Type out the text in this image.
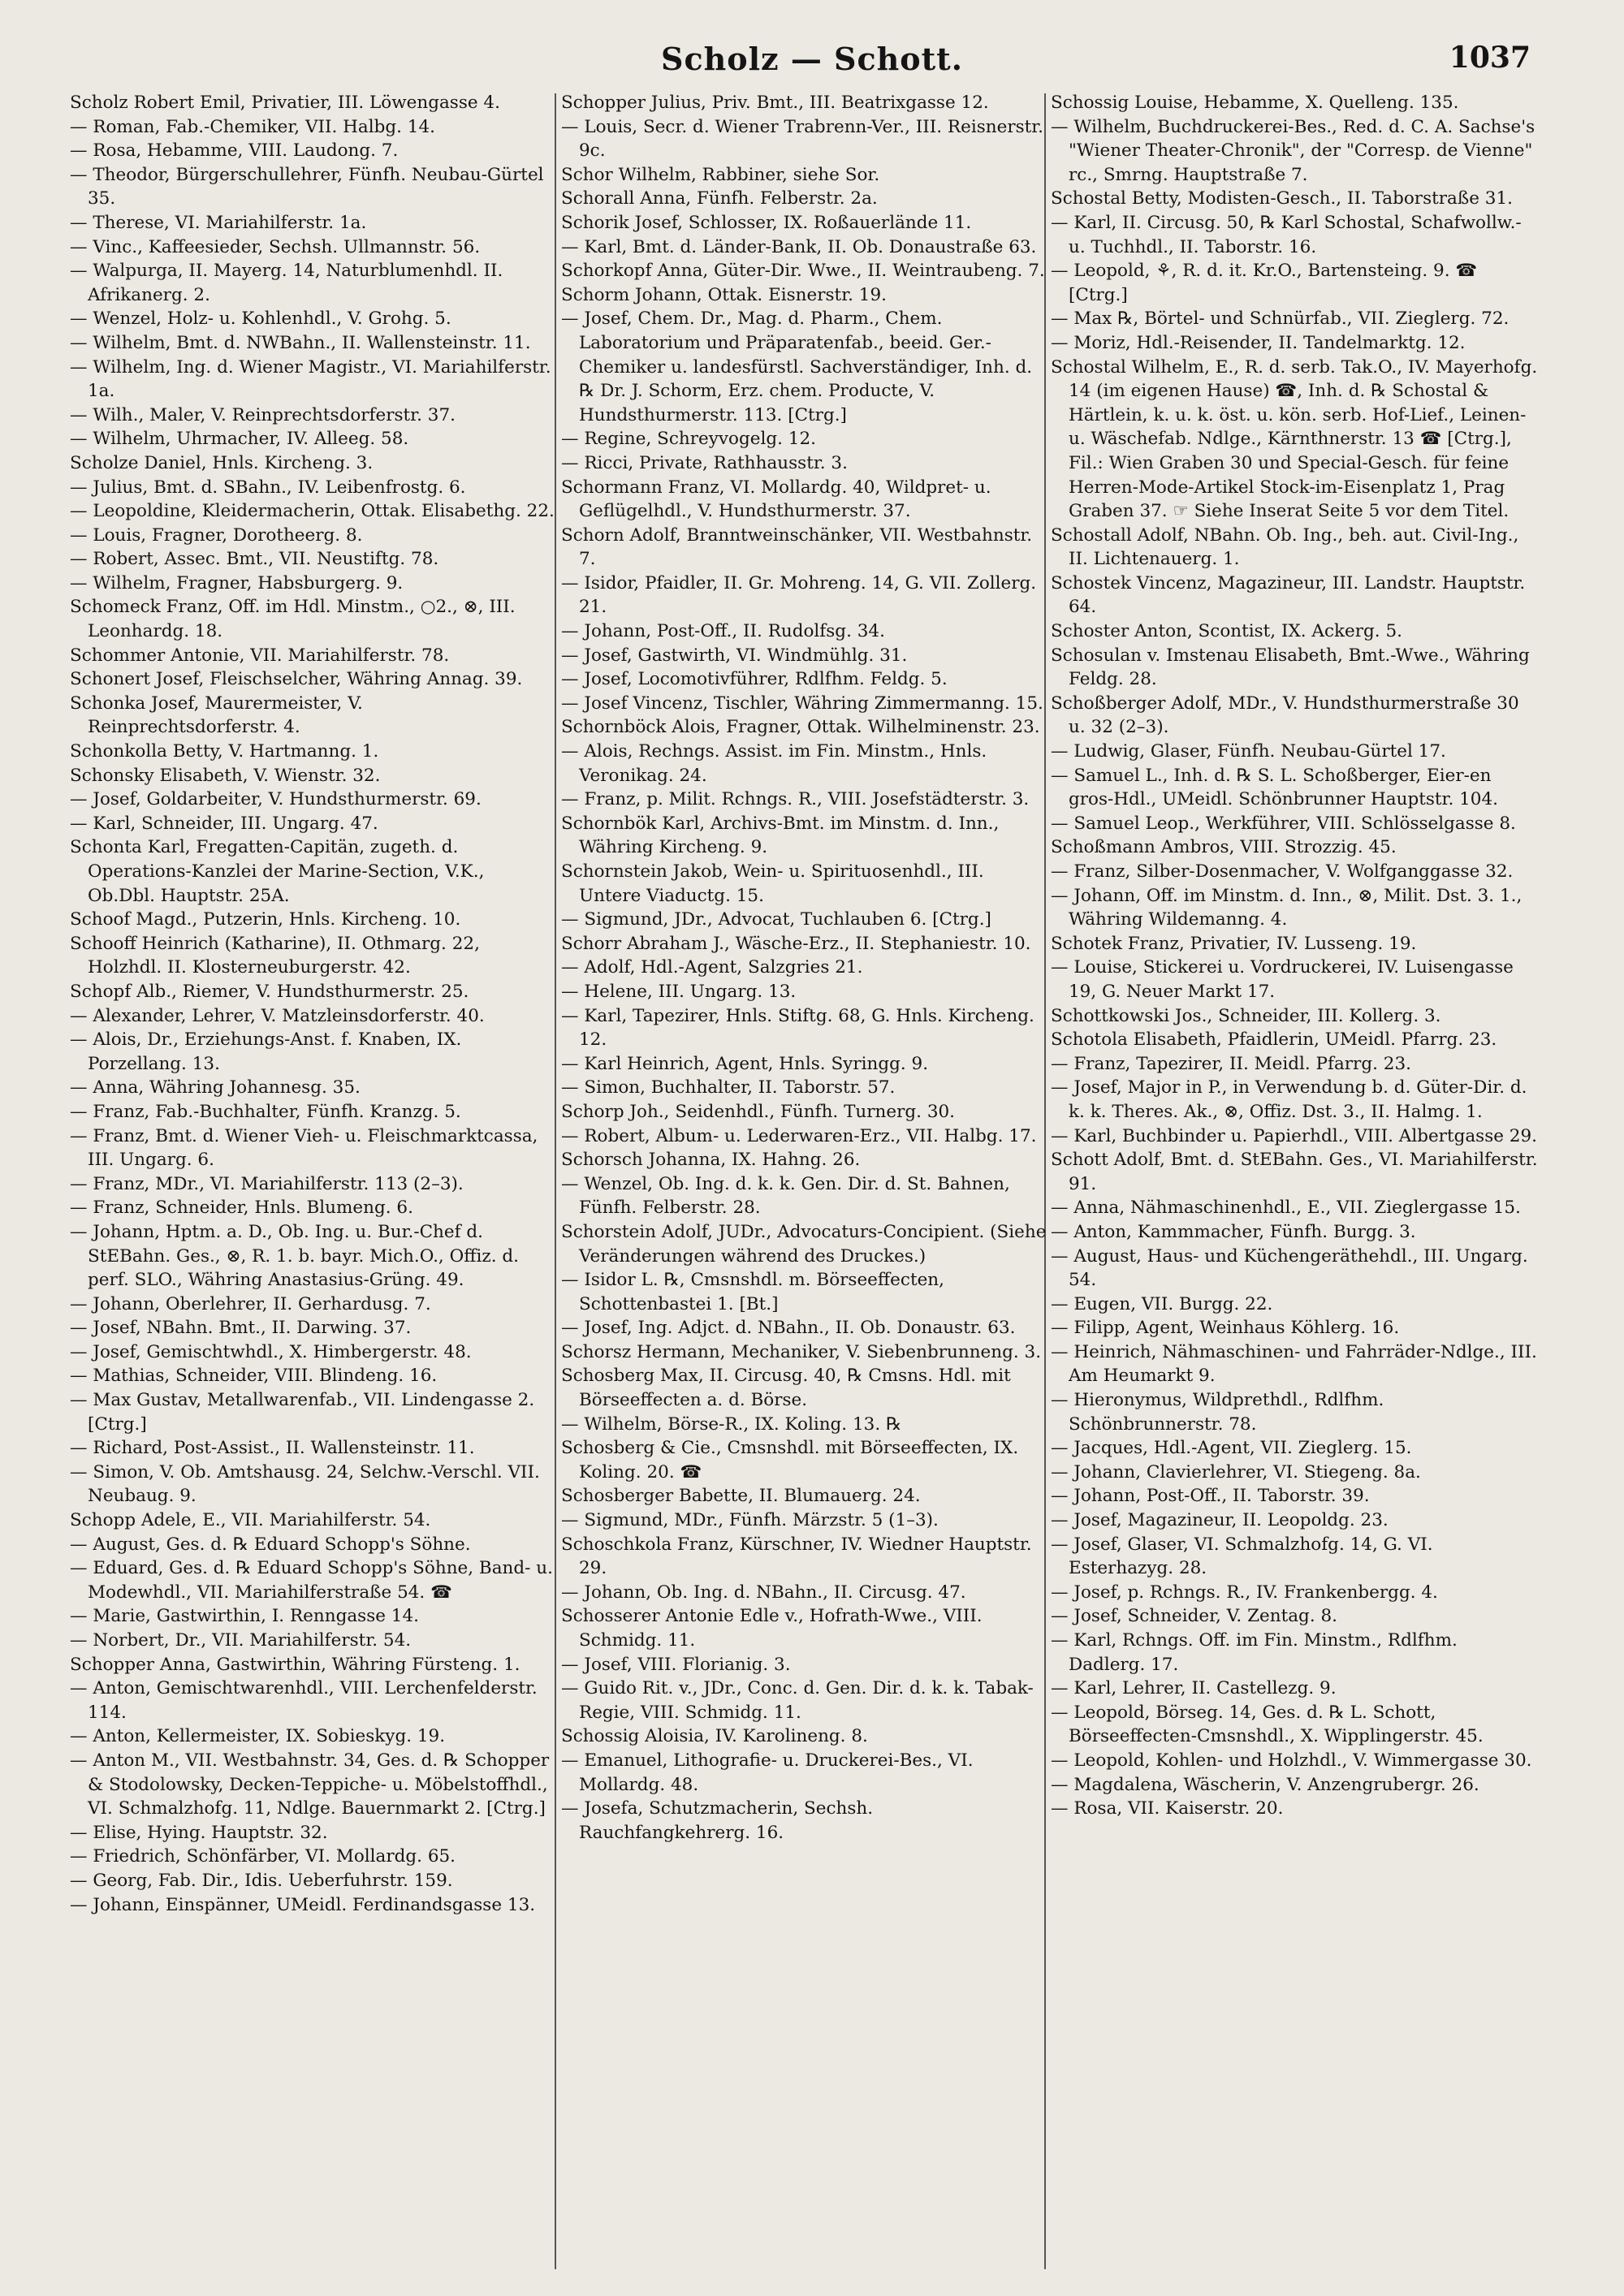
Scholz — Schott.	1037
Scholz Robert Emil, Privatier, III. Löwengasse 4.
— Roman, Fab.-Chemiker, VII. Halbg. 14.
— Rosa, Hebamme, VIII. Laudong. 7.
— Theodor, Bürgerschullehrer, Fünfh. Neubau-Gürtel 35.
— Therese, VI. Mariahilferstr. 1a.
— Vinc., Kaffeesieder, Sechsh. Ullmannstr. 56.
— Walpurga, II. Mayerg. 14, Naturblumenhdl. II. Afrikanerg. 2.
— Wenzel, Holz- u. Kohlenhdl., V. Grohg. 5.
— Wilhelm, Bmt. d. NWBahn., II. Wallensteinstr. 11.
— Wilhelm, Ing. d. Wiener Magistr., VI. Mariahilferstr. 1a.
— Wilh., Maler, V. Reinprechtsdorferstr. 37.
— Wilhelm, Uhrmacher, IV. Alleeg. 58.
Scholze Daniel, Hnls. Kircheng. 3.
— Julius, Bmt. d. SBahn., IV. Leibenfrostg. 6.
— Leopoldine, Kleidermacherin, Ottak. Elisabethg. 22.
— Louis, Fragner, Dorotheerg. 8.
— Robert, Assec. Bmt., VII. Neustiftg. 78.
— Wilhelm, Fragner, Habsburgerg. 9.
Schomeck Franz, Off. im Hdl. Minstm., ○2., ⊗, III. Leonhardg. 18.
Schommer Antonie, VII. Mariahilferstr. 78.
Schonert Josef, Fleischselcher, Währing Annag. 39.
Schonka Josef, Maurermeister, V. Reinprechtsdorferstr. 4.
Schonkolla Betty, V. Hartmanng. 1.
Schonsky Elisabeth, V. Wienstr. 32.
— Josef, Goldarbeiter, V. Hundsthurmerstr. 69.
— Karl, Schneider, III. Ungarg. 47.
Schonta Karl, Fregatten-Capitän, zugeth. d. Operations-Kanzlei der Marine-Section, V.K., Ob.Dbl. Hauptstr. 25A.
Schoof Magd., Putzerin, Hnls. Kircheng. 10.
Schooff Heinrich (Katharine), II. Othmarg. 22, Holzhdl. II. Klosterneuburgerstr. 42.
Schopf Alb., Riemer, V. Hundsthurmerstr. 25.
— Alexander, Lehrer, V. Matzleinsdorferstr. 40.
— Alois, Dr., Erziehungs-Anst. f. Knaben, IX. Porzellang. 13.
— Anna, Währing Johannesg. 35.
— Franz, Fab.-Buchhalter, Fünfh. Kranzg. 5.
— Franz, Bmt. d. Wiener Vieh- u. Fleischmarktcassa, III. Ungarg. 6.
— Franz, MDr., VI. Mariahilferstr. 113 (2–3).
— Franz, Schneider, Hnls. Blumeng. 6.
— Johann, Hptm. a. D., Ob. Ing. u. Bur.-Chef d. StEBahn. Ges., ⊗, R. 1. b. bayr. Mich.O., Offiz. d. perf. SLO., Währing Anastasius-Grüng. 49.
— Johann, Oberlehrer, II. Gerhardusg. 7.
— Josef, NBahn. Bmt., II. Darwing. 37.
— Josef, Gemischtwhdl., X. Himbergerstr. 48.
— Mathias, Schneider, VIII. Blindeng. 16.
— Max Gustav, Metallwarenfab., VII. Lindengasse 2. [Ctrg.]
— Richard, Post-Assist., II. Wallensteinstr. 11.
— Simon, V. Ob. Amtshausg. 24, Selchw.-Verschl. VII. Neubaug. 9.
Schopp Adele, E., VII. Mariahilferstr. 54.
— August, Ges. d. ℞ Eduard Schopp's Söhne.
— Eduard, Ges. d. ℞ Eduard Schopp's Söhne, Band- u. Modewhdl., VII. Mariahilferstraße 54. ☎
— Marie, Gastwirthin, I. Renngasse 14.
— Norbert, Dr., VII. Mariahilferstr. 54.
Schopper Anna, Gastwirthin, Währing Fürsteng. 1.
— Anton, Gemischtwarenhdl., VIII. Lerchenfelderstr. 114.
— Anton, Kellermeister, IX. Sobieskyg. 19.
— Anton M., VII. Westbahnstr. 34, Ges. d. ℞ Schopper & Stodolowsky, Decken-Teppiche- u. Möbelstoffhdl., VI. Schmalzhofg. 11, Ndlge. Bauernmarkt 2. [Ctrg.]
— Elise, Hying. Hauptstr. 32.
— Friedrich, Schönfärber, VI. Mollardg. 65.
— Georg, Fab. Dir., Idis. Ueberfuhrstr. 159.
— Johann, Einspänner, UMeidl. Ferdinandsgasse 13.
Schopper Julius, Priv. Bmt., III. Beatrixgasse 12.
— Louis, Secr. d. Wiener Trabrenn-Ver., III. Reisnerstr. 9c.
Schor Wilhelm, Rabbiner, siehe Sor.
Schorall Anna, Fünfh. Felberstr. 2a.
Schorik Josef, Schlosser, IX. Roßauerlände 11.
— Karl, Bmt. d. Länder-Bank, II. Ob. Donaustraße 63.
Schorkopf Anna, Güter-Dir. Wwe., II. Weintraubeng. 7.
Schorm Johann, Ottak. Eisnerstr. 19.
— Josef, Chem. Dr., Mag. d. Pharm., Chem. Laboratorium und Präparatenfab., beeid. Ger.-Chemiker u. landesfürstl. Sachverständiger, Inh. d. ℞ Dr. J. Schorm, Erz. chem. Producte, V. Hundsthurmerstr. 113. [Ctrg.]
— Regine, Schreyvogelg. 12.
— Ricci, Private, Rathhausstr. 3.
Schormann Franz, VI. Mollardg. 40, Wildpret- u. Geflügelhdl., V. Hundsthurmerstr. 37.
Schorn Adolf, Branntweinschänker, VII. Westbahnstr. 7.
— Isidor, Pfaidler, II. Gr. Mohreng. 14, G. VII. Zollerg. 21.
— Johann, Post-Off., II. Rudolfsg. 34.
— Josef, Gastwirth, VI. Windmühlg. 31.
— Josef, Locomotivführer, Rdlfhm. Feldg. 5.
— Josef Vincenz, Tischler, Währing Zimmermanng. 15.
Schornböck Alois, Fragner, Ottak. Wilhelminenstr. 23.
— Alois, Rechngs. Assist. im Fin. Minstm., Hnls. Veronikag. 24.
— Franz, p. Milit. Rchngs. R., VIII. Josefstädterstr. 3.
Schornbök Karl, Archivs-Bmt. im Minstm. d. Inn., Währing Kircheng. 9.
Schornstein Jakob, Wein- u. Spirituosenhdl., III. Untere Viaductg. 15.
— Sigmund, JDr., Advocat, Tuchlauben 6. [Ctrg.]
Schorr Abraham J., Wäsche-Erz., II. Stephaniestr. 10.
— Adolf, Hdl.-Agent, Salzgries 21.
— Helene, III. Ungarg. 13.
— Karl, Tapezirer, Hnls. Stiftg. 68, G. Hnls. Kircheng. 12.
— Karl Heinrich, Agent, Hnls. Syringg. 9.
— Simon, Buchhalter, II. Taborstr. 57.
Schorp Joh., Seidenhdl., Fünfh. Turnerg. 30.
— Robert, Album- u. Lederwaren-Erz., VII. Halbg. 17.
Schorsch Johanna, IX. Hahng. 26.
— Wenzel, Ob. Ing. d. k. k. Gen. Dir. d. St. Bahnen, Fünfh. Felberstr. 28.
Schorstein Adolf, JUDr., Advocaturs-Concipient. (Siehe Veränderungen während des Druckes.)
— Isidor L. ℞, Cmsnshdl. m. Börseeffecten, Schottenbastei 1. [Bt.]
— Josef, Ing. Adjct. d. NBahn., II. Ob. Donaustr. 63.
Schorsz Hermann, Mechaniker, V. Siebenbrunneng. 3.
Schosberg Max, II. Circusg. 40, ℞ Cmsns. Hdl. mit Börseeffecten a. d. Börse.
— Wilhelm, Börse-R., IX. Koling. 13. ℞
Schosberg & Cie., Cmsnshdl. mit Börseeffecten, IX. Koling. 20. ☎
Schosberger Babette, II. Blumauerg. 24.
— Sigmund, MDr., Fünfh. Märzstr. 5 (1–3).
Schoschkola Franz, Kürschner, IV. Wiedner Hauptstr. 29.
— Johann, Ob. Ing. d. NBahn., II. Circusg. 47.
Schosserer Antonie Edle v., Hofrath-Wwe., VIII. Schmidg. 11.
— Josef, VIII. Florianig. 3.
— Guido Rit. v., JDr., Conc. d. Gen. Dir. d. k. k. Tabak-Regie, VIII. Schmidg. 11.
Schossig Aloisia, IV. Karolineng. 8.
— Emanuel, Lithografie- u. Druckerei-Bes., VI. Mollardg. 48.
— Josefa, Schutzmacherin, Sechsh. Rauchfangkehrerg. 16.
Schossig Louise, Hebamme, X. Quelleng. 135.
— Wilhelm, Buchdruckerei-Bes., Red. d. C. A. Sachse's "Wiener Theater-Chronik", der "Corresp. de Vienne" rc., Smrng. Hauptstraße 7.
Schostal Betty, Modisten-Gesch., II. Taborstraße 31.
— Karl, II. Circusg. 50, ℞ Karl Schostal, Schafwollw.- u. Tuchhdl., II. Taborstr. 16.
— Leopold, ⚘, R. d. it. Kr.O., Bartensteing. 9. ☎ [Ctrg.]
— Max ℞, Börtel- und Schnürfab., VII. Zieglerg. 72.
— Moriz, Hdl.-Reisender, II. Tandelmarktg. 12.
Schostal Wilhelm, E., R. d. serb. Tak.O., IV. Mayerhofg. 14 (im eigenen Hause) ☎, Inh. d. ℞ Schostal & Härtlein, k. u. k. öst. u. kön. serb. Hof-Lief., Leinen- u. Wäschefab. Ndlge., Kärnthnerstr. 13 ☎ [Ctrg.], Fil.: Wien Graben 30 und Special-Gesch. für feine Herren-Mode-Artikel Stock-im-Eisenplatz 1, Prag Graben 37. ☞ Siehe Inserat Seite 5 vor dem Titel.
Schostall Adolf, NBahn. Ob. Ing., beh. aut. Civil-Ing., II. Lichtenauerg. 1.
Schostek Vincenz, Magazineur, III. Landstr. Hauptstr. 64.
Schoster Anton, Scontist, IX. Ackerg. 5.
Schosulan v. Imstenau Elisabeth, Bmt.-Wwe., Währing Feldg. 28.
Schoßberger Adolf, MDr., V. Hundsthurmerstraße 30 u. 32 (2–3).
— Ludwig, Glaser, Fünfh. Neubau-Gürtel 17.
— Samuel L., Inh. d. ℞ S. L. Schoßberger, Eier-en gros-Hdl., UMeidl. Schönbrunner Hauptstr. 104.
— Samuel Leop., Werkführer, VIII. Schlösselgasse 8.
Schoßmann Ambros, VIII. Strozzig. 45.
— Franz, Silber-Dosenmacher, V. Wolfganggasse 32.
— Johann, Off. im Minstm. d. Inn., ⊗, Milit. Dst. 3. 1., Währing Wildemanng. 4.
Schotek Franz, Privatier, IV. Lusseng. 19.
— Louise, Stickerei u. Vordruckerei, IV. Luisengasse 19, G. Neuer Markt 17.
Schottkowski Jos., Schneider, III. Kollerg. 3.
Schotola Elisabeth, Pfaidlerin, UMeidl. Pfarrg. 23.
— Franz, Tapezirer, II. Meidl. Pfarrg. 23.
— Josef, Major in P., in Verwendung b. d. Güter-Dir. d. k. k. Theres. Ak., ⊗, Offiz. Dst. 3., II. Halmg. 1.
— Karl, Buchbinder u. Papierhdl., VIII. Albertgasse 29.
Schott Adolf, Bmt. d. StEBahn. Ges., VI. Mariahilferstr. 91.
— Anna, Nähmaschinenhdl., E., VII. Zieglergasse 15.
— Anton, Kammmacher, Fünfh. Burgg. 3.
— August, Haus- und Küchengeräthehdl., III. Ungarg. 54.
— Eugen, VII. Burgg. 22.
— Filipp, Agent, Weinhaus Köhlerg. 16.
— Heinrich, Nähmaschinen- und Fahrräder-Ndlge., III. Am Heumarkt 9.
— Hieronymus, Wildprethdl., Rdlfhm. Schönbrunnerstr. 78.
— Jacques, Hdl.-Agent, VII. Zieglerg. 15.
— Johann, Clavierlehrer, VI. Stiegeng. 8a.
— Johann, Post-Off., II. Taborstr. 39.
— Josef, Magazineur, II. Leopoldg. 23.
— Josef, Glaser, VI. Schmalzhofg. 14, G. VI. Esterhazyg. 28.
— Josef, p. Rchngs. R., IV. Frankenbergg. 4.
— Josef, Schneider, V. Zentag. 8.
— Karl, Rchngs. Off. im Fin. Minstm., Rdlfhm. Dadlerg. 17.
— Karl, Lehrer, II. Castellezg. 9.
— Leopold, Börseg. 14, Ges. d. ℞ L. Schott, Börseeffecten-Cmsnshdl., X. Wipplingerstr. 45.
— Leopold, Kohlen- und Holzhdl., V. Wimmergasse 30.
— Magdalena, Wäscherin, V. Anzengrubergr. 26.
— Rosa, VII. Kaiserstr. 20.
